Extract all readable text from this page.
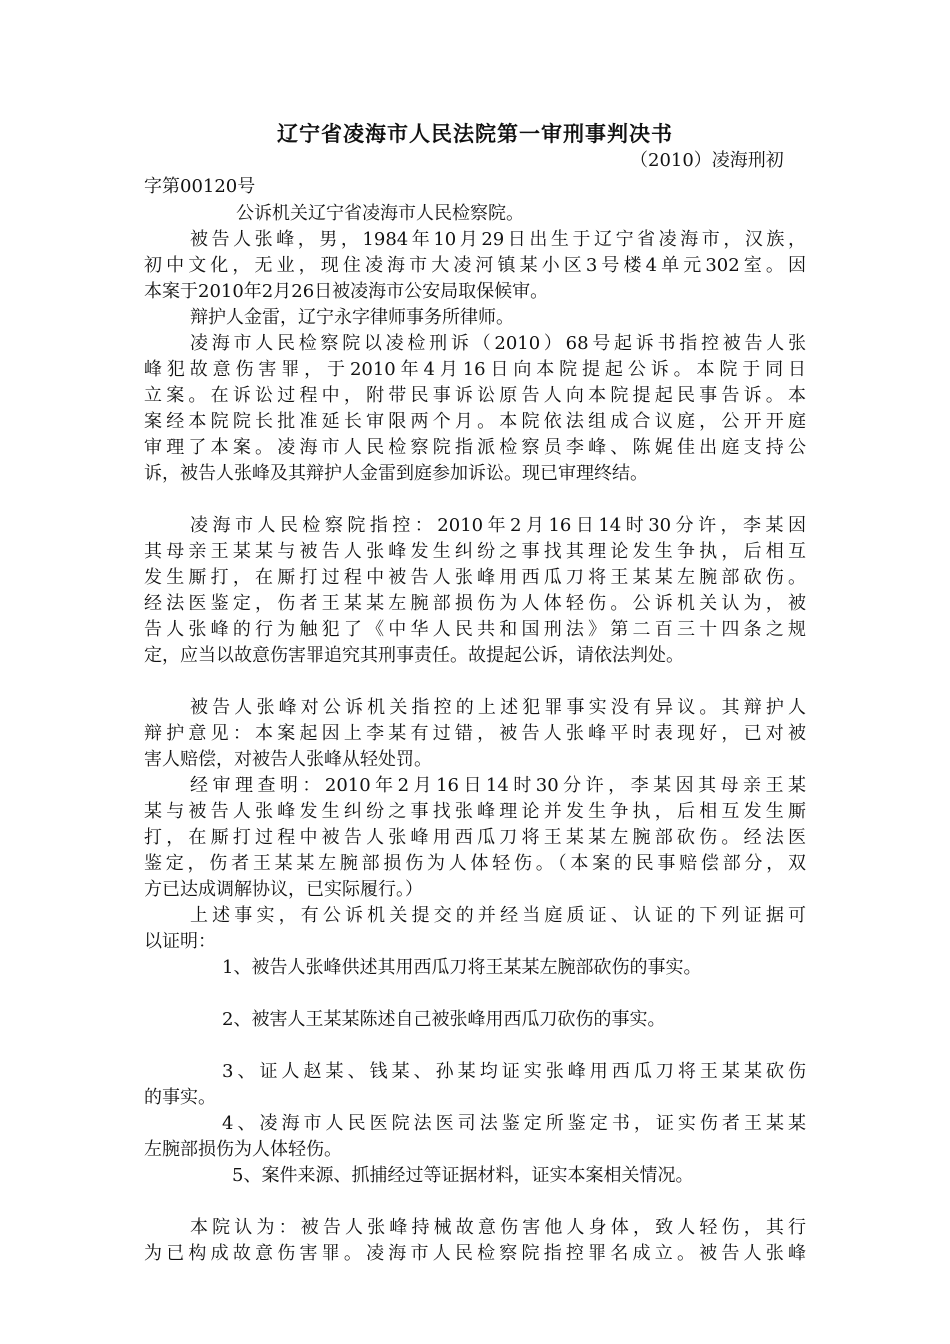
辽宁省凌海市人民法院第一审刑事判决书
（2010）凌海刑初
字第00120号
公诉机关辽宁省凌海市人民检察院。
被告人张峰，男，1984年10月29日出生于辽宁省凌海市，汉族，
初中文化，无业，现住凌海市大凌河镇某小区3号楼4单元302室。因
本案于2010年2月26日被凌海市公安局取保候审。
辩护人金雷，辽宁永字律师事务所律师。
凌海市人民检察院以凌检刑诉（2010）68号起诉书指控被告人张
峰犯故意伤害罪，于2010年4月16日向本院提起公诉。本院于同日
立案。在诉讼过程中，附带民事诉讼原告人向本院提起民事告诉。本
案经本院院长批准延长审限两个月。本院依法组成合议庭，公开开庭
审理了本案。凌海市人民检察院指派检察员李峰、陈娓佳出庭支持公
诉，被告人张峰及其辩护人金雷到庭参加诉讼。现已审理终结。
凌海市人民检察院指控：2010年2月16日14时30分许，李某因
其母亲王某某与被告人张峰发生纠纷之事找其理论发生争执，后相互
发生厮打，在厮打过程中被告人张峰用西瓜刀将王某某左腕部砍伤。
经法医鉴定，伤者王某某左腕部损伤为人体轻伤。公诉机关认为，被
告人张峰的行为触犯了《中华人民共和国刑法》第二百三十四条之规
定，应当以故意伤害罪追究其刑事责任。故提起公诉，请依法判处。
被告人张峰对公诉机关指控的上述犯罪事实没有异议。其辩护人
辩护意见：本案起因上李某有过错，被告人张峰平时表现好，已对被
害人赔偿，对被告人张峰从轻处罚。
经审理查明：2010年2月16日14时30分许，李某因其母亲王某
某与被告人张峰发生纠纷之事找张峰理论并发生争执，后相互发生厮
打，在厮打过程中被告人张峰用西瓜刀将王某某左腕部砍伤。经法医
鉴定，伤者王某某左腕部损伤为人体轻伤。（本案的民事赔偿部分，双
方已达成调解协议，已实际履行。）
上述事实，有公诉机关提交的并经当庭质证、认证的下列证据可
以证明：
1、被告人张峰供述其用西瓜刀将王某某左腕部砍伤的事实。
2、被害人王某某陈述自己被张峰用西瓜刀砍伤的事实。
3、证人赵某、钱某、孙某均证实张峰用西瓜刀将王某某砍伤
的事实。
4、凌海市人民医院法医司法鉴定所鉴定书，证实伤者王某某
左腕部损伤为人体轻伤。
5、案件来源、抓捕经过等证据材料，证实本案相关情况。
本院认为：被告人张峰持械故意伤害他人身体，致人轻伤，其行
为已构成故意伤害罪。凌海市人民检察院指控罪名成立。被告人张峰
